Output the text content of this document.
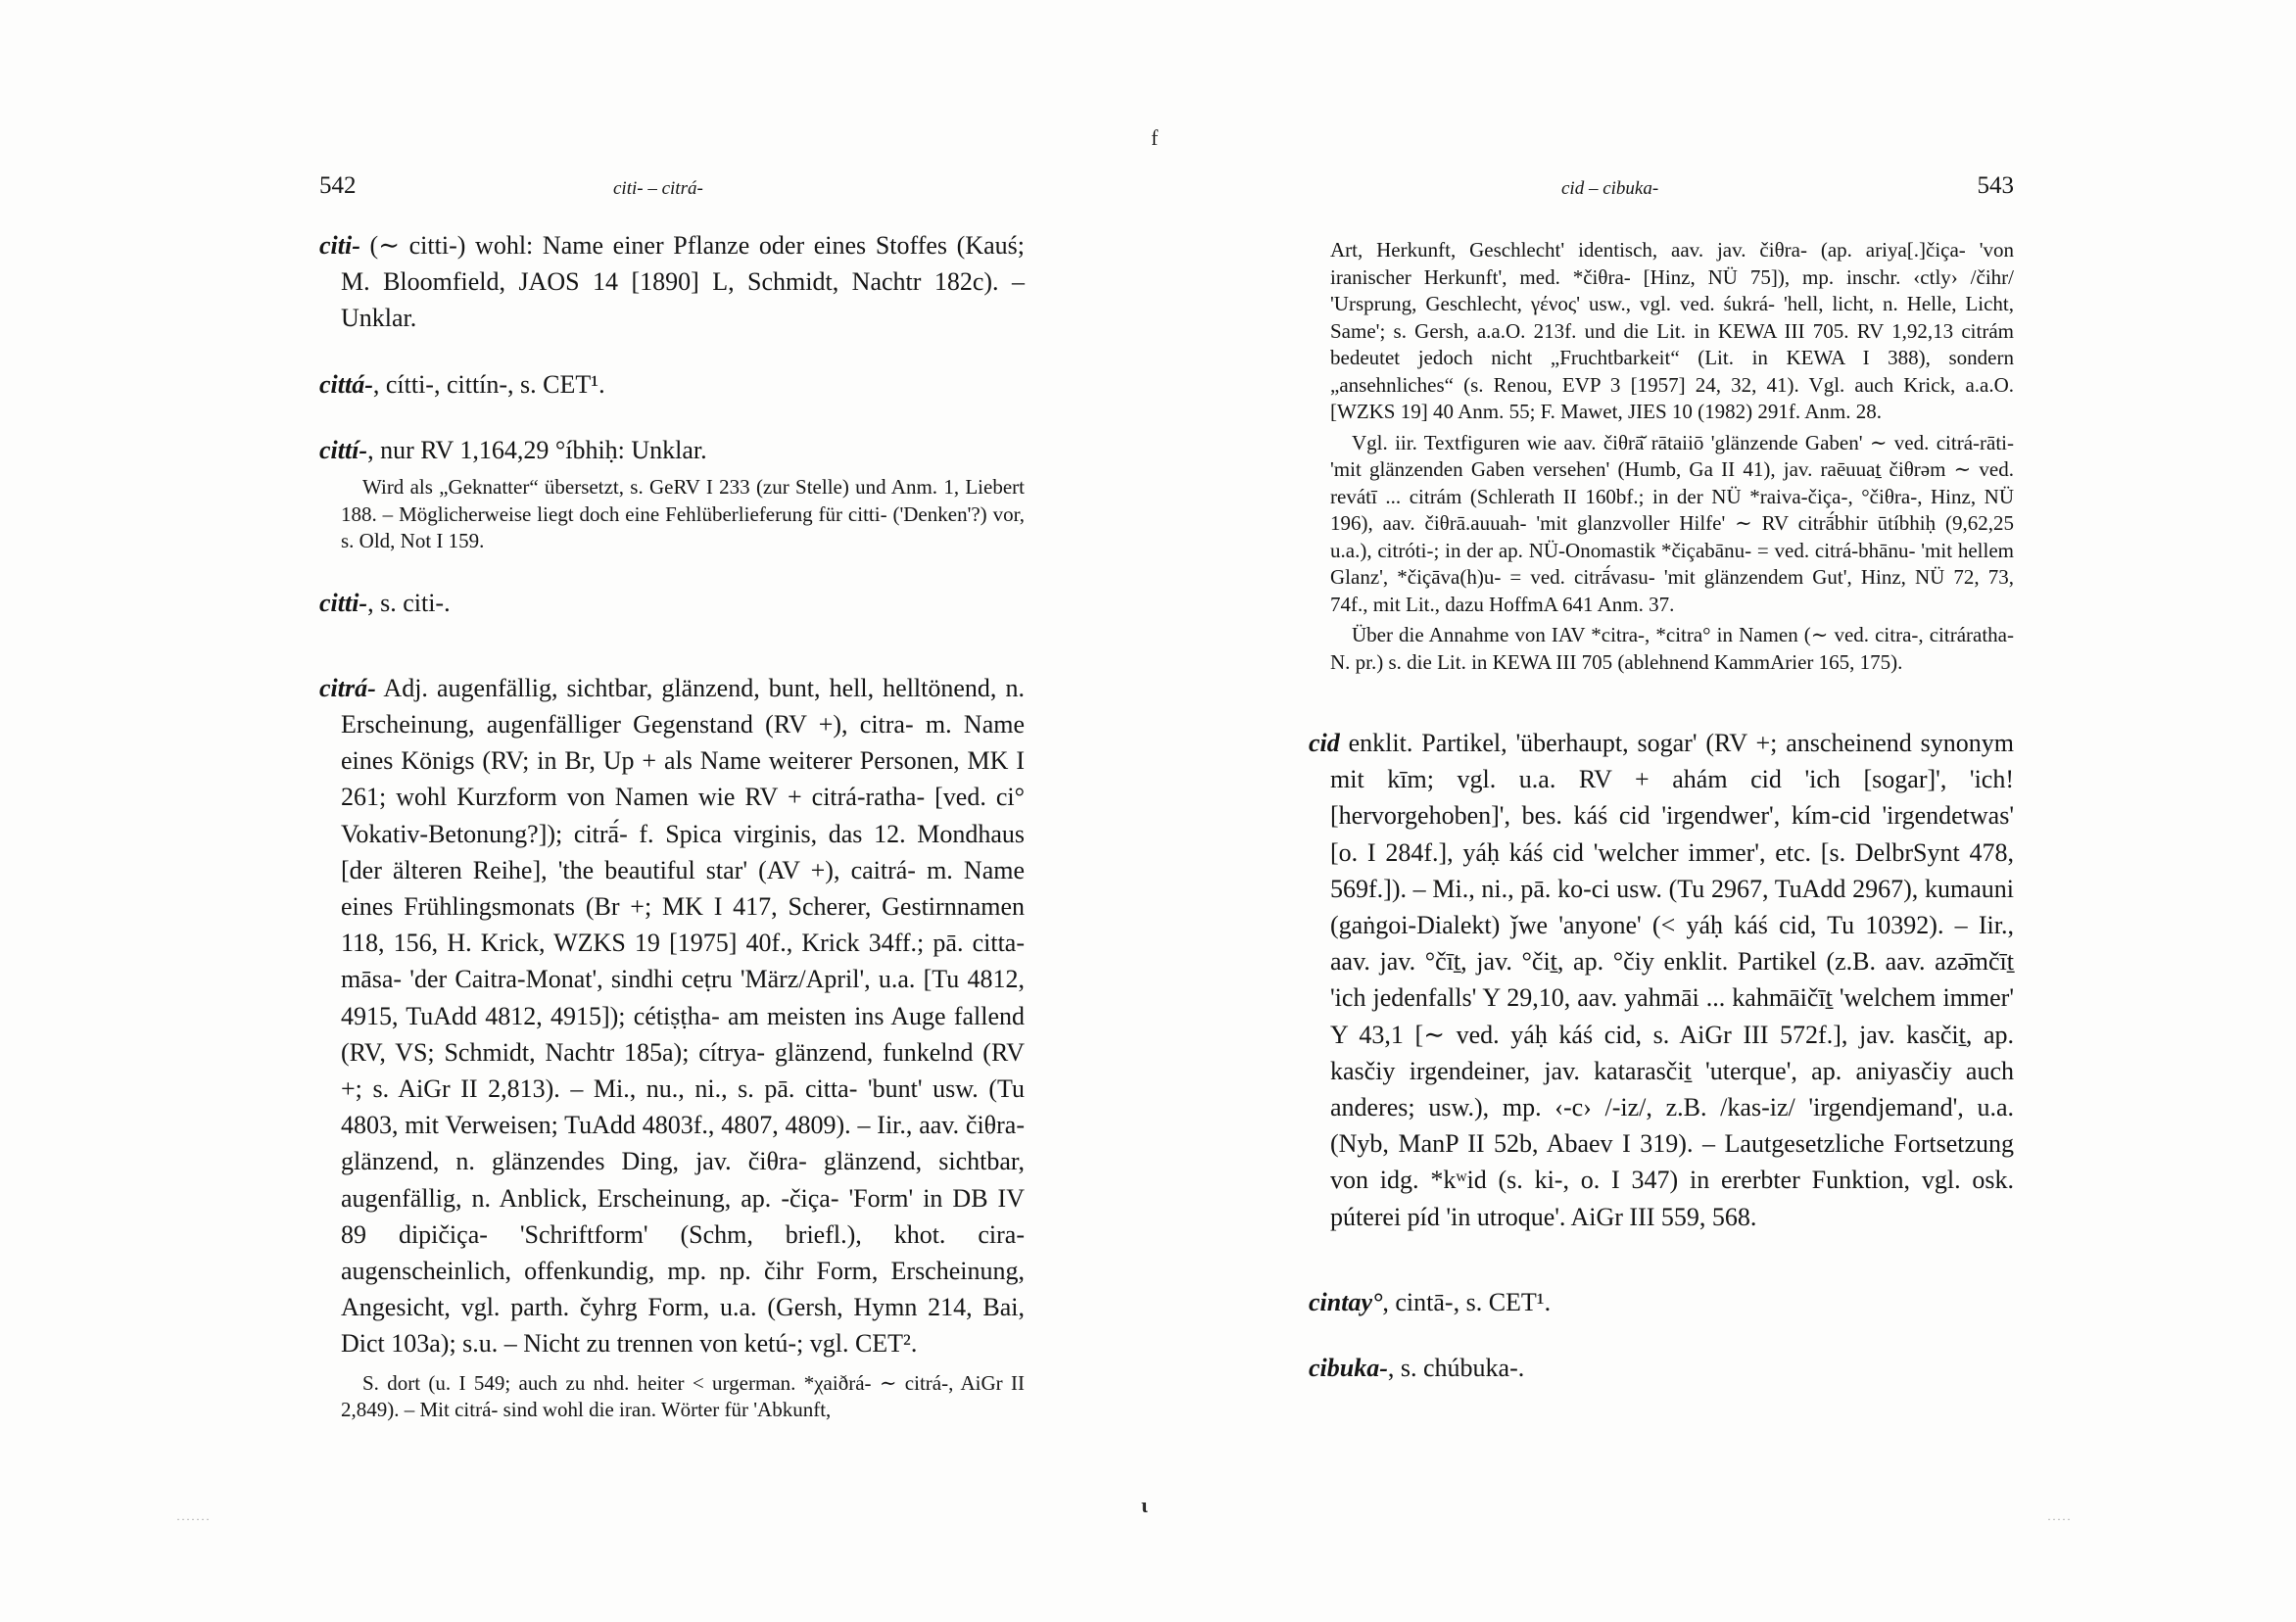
542	citi- – citrá-

citi- (∼ citti-) wohl: Name einer Pflanze oder eines Stoffes (Kauś; M. Bloomfield, JAOS 14 [1890] L, Schmidt, Nachtr 182c). – Unklar.

cittá-, cítti-, cittín-, s. CET¹.

cittí-, nur RV 1,164,29 °íbhiḥ: Unklar.

Wird als „Geknatter“ übersetzt, s. GeRV I 233 (zur Stelle) und Anm. 1, Liebert 188. – Möglicherweise liegt doch eine Fehlüberlieferung für citti- ('Denken'?) vor, s. Old, Not I 159.

citti-, s. citi-.

citrá- Adj. augenfällig, sichtbar, glänzend, bunt, hell, helltönend, n. Erscheinung, augenfälliger Gegenstand (RV +), citra- m. Name eines Königs (RV; in Br, Up + als Name weiterer Personen, MK I 261; wohl Kurzform von Namen wie RV + citrá-ratha- [ved. ci° Vokativ-Betonung?]); citrā́- f. Spica virginis, das 12. Mondhaus [der älteren Reihe], 'the beautiful star' (AV +), caitrá- m. Name eines Frühlingsmonats (Br +; MK I 417, Scherer, Gestirnnamen 118, 156, H. Krick, WZKS 19 [1975] 40f., Krick 34ff.; pā. citta-māsa- 'der Caitra-Monat', sindhi ceṭru 'März/April', u.a. [Tu 4812, 4915, TuAdd 4812, 4915]); cétiṣṭha- am meisten ins Auge fallend (RV, VS; Schmidt, Nachtr 185a); cítrya- glänzend, funkelnd (RV +; s. AiGr II 2,813). – Mi., nu., ni., s. pā. citta- 'bunt' usw. (Tu 4803, mit Verweisen; TuAdd 4803f., 4807, 4809). – Iir., aav. čiθra- glänzend, n. glänzendes Ding, jav. čiθra- glänzend, sichtbar, augenfällig, n. Anblick, Erscheinung, ap. -čiça- 'Form' in DB IV 89 dipičiça- 'Schriftform' (Schm, briefl.), khot. cira- augenscheinlich, offenkundig, mp. np. čihr Form, Erscheinung, Angesicht, vgl. parth. čyhrg Form, u.a. (Gersh, Hymn 214, Bai, Dict 103a); s.u. – Nicht zu trennen von ketú-; vgl. CET².

S. dort (u. I 549; auch zu nhd. heiter < urgerman. *χaiðrá- ∼ citrá-, AiGr II 2,849). – Mit citrá- sind wohl die iran. Wörter für 'Abkunft,

cid – cibuka-	543

Art, Herkunft, Geschlecht' identisch, aav. jav. čiθra- (ap. ariya[.]čiça- 'von iranischer Herkunft', med. *čiθra- [Hinz, NÜ 75]), mp. inschr. ‹ctly› /čihr/ 'Ursprung, Geschlecht, γένος' usw., vgl. ved. śukrá- 'hell, licht, n. Helle, Licht, Same'; s. Gersh, a.a.O. 213f. und die Lit. in KEWA III 705. RV 1,92,13 citrám bedeutet jedoch nicht „Fruchtbarkeit“ (Lit. in KEWA I 388), sondern „ansehnliches“ (s. Renou, EVP 3 [1957] 24, 32, 41). Vgl. auch Krick, a.a.O. [WZKS 19] 40 Anm. 55; F. Mawet, JIES 10 (1982) 291f. Anm. 28.

Vgl. iir. Textfiguren wie aav. čiθrā̆ rātaiiō 'glänzende Gaben' ∼ ved. citrá-rāti- 'mit glänzenden Gaben versehen' (Humb, Ga II 41), jav. raēuuaṯ čiθrəm ∼ ved. revátī ... citrám (Schlerath II 160bf.; in der NÜ *raiva-čiça-, °čiθra-, Hinz, NÜ 196), aav. čiθrā.auuah- 'mit glanzvoller Hilfe' ∼ RV citrā́bhir ūtíbhiḥ (9,62,25 u.a.), citróti-; in der ap. NÜ-Onomastik *čiçabānu- = ved. citrá-bhānu- 'mit hellem Glanz', *čiçāva(h)u- = ved. citrā́vasu- 'mit glänzendem Gut', Hinz, NÜ 72, 73, 74f., mit Lit., dazu HoffmA 641 Anm. 37.

Über die Annahme von IAV *citra-, *citra° in Namen (∼ ved. citra-, citráratha- N. pr.) s. die Lit. in KEWA III 705 (ablehnend KammArier 165, 175).

cid enklit. Partikel, 'überhaupt, sogar' (RV +; anscheinend synonym mit kīm; vgl. u.a. RV + ahám cid 'ich [sogar]', 'ich! [hervorgehoben]', bes. káś cid 'irgendwer', kím-cid 'irgendetwas' [o. I 284f.], yáḥ káś cid 'welcher immer', etc. [s. DelbrSynt 478, 569f.]). – Mi., ni., pā. ko-ci usw. (Tu 2967, TuAdd 2967), kumauni (gaṅgoi-Dialekt) ǰwe 'anyone' (< yáḥ káś cid, Tu 10392). – Iir., aav. jav. °čīṯ, jav. °čiṯ, ap. °čiy enklit. Partikel (z.B. aav. azə̄mčīṯ 'ich jedenfalls' Y 29,10, aav. yahmāi ... kahmāičīṯ 'welchem immer' Y 43,1 [∼ ved. yáḥ káś cid, s. AiGr III 572f.], jav. kasčiṯ, ap. kasčiy irgendeiner, jav. katarasčiṯ 'uterque', ap. aniyasčiy auch anderes; usw.), mp. ‹-c› /-iz/, z.B. /kas-iz/ 'irgendjemand', u.a. (Nyb, ManP II 52b, Abaev I 319). – Lautgesetzliche Fortsetzung von idg. *kʷid (s. ki-, o. I 347) in ererbter Funktion, vgl. osk. púterei píd 'in utroque'. AiGr III 559, 568.

cintay°, cintā-, s. CET¹.

cibuka-, s. chúbuka-.

f
ι
·······	·····
